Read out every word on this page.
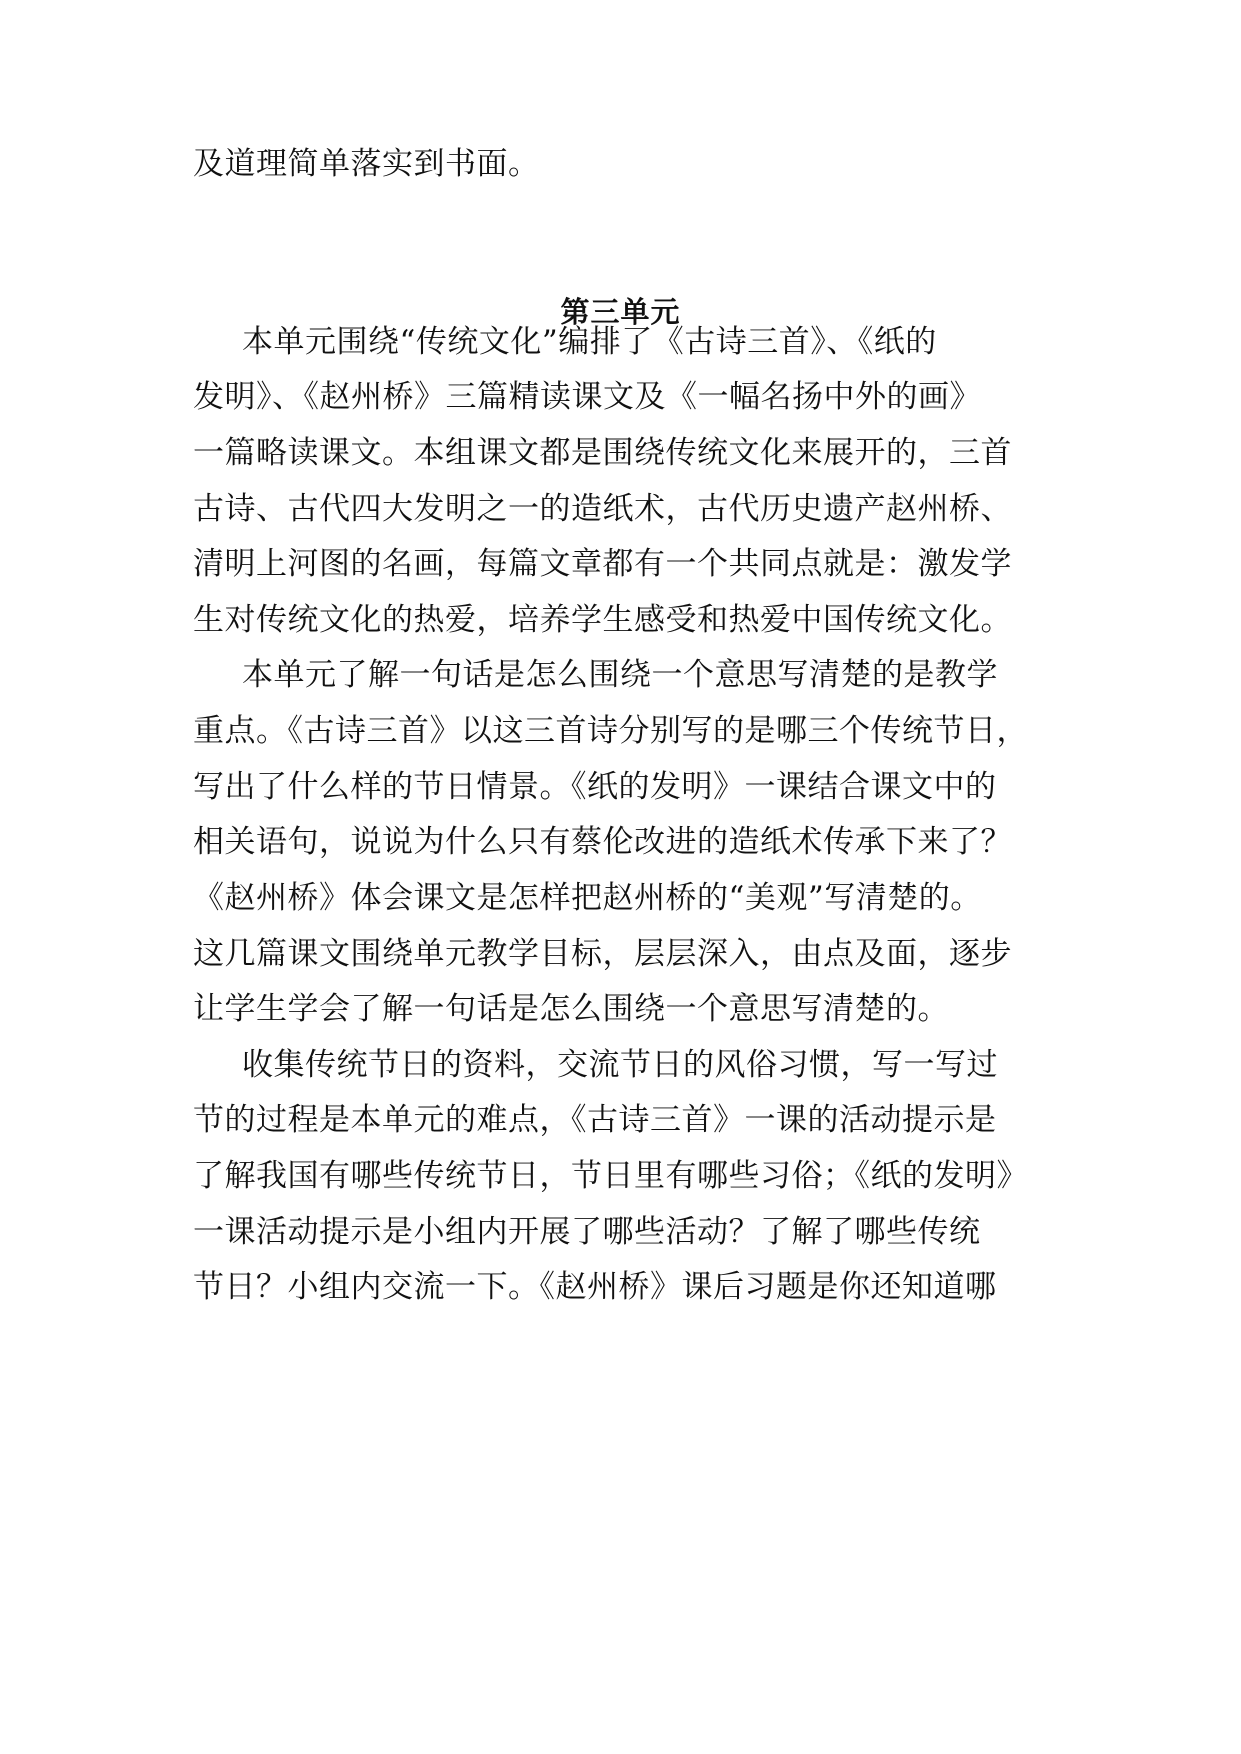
及道理简单落实到书面。
第三单元
本单元围绕“传统文化”编排了《古诗三首》、《纸的
发明》、《赵州桥》三篇精读课文及《一幅名扬中外的画》
一篇略读课文。本组课文都是围绕传统文化来展开的，三首
古诗、古代四大发明之一的造纸术，古代历史遗产赵州桥、
清明上河图的名画，每篇文章都有一个共同点就是：激发学
生对传统文化的热爱，培养学生感受和热爱中国传统文化。
本单元了解一句话是怎么围绕一个意思写清楚的是教学
重点。《古诗三首》以这三首诗分别写的是哪三个传统节日，
写出了什么样的节日情景。《纸的发明》一课结合课文中的
相关语句，说说为什么只有蔡伦改进的造纸术传承下来了？
《赵州桥》体会课文是怎样把赵州桥的“美观”写清楚的。
这几篇课文围绕单元教学目标，层层深入，由点及面，逐步
让学生学会了解一句话是怎么围绕一个意思写清楚的。
收集传统节日的资料，交流节日的风俗习惯，写一写过
节的过程是本单元的难点，《古诗三首》一课的活动提示是
了解我国有哪些传统节日，节日里有哪些习俗；《纸的发明》
一课活动提示是小组内开展了哪些活动？了解了哪些传统
节日？小组内交流一下。《赵州桥》课后习题是你还知道哪
